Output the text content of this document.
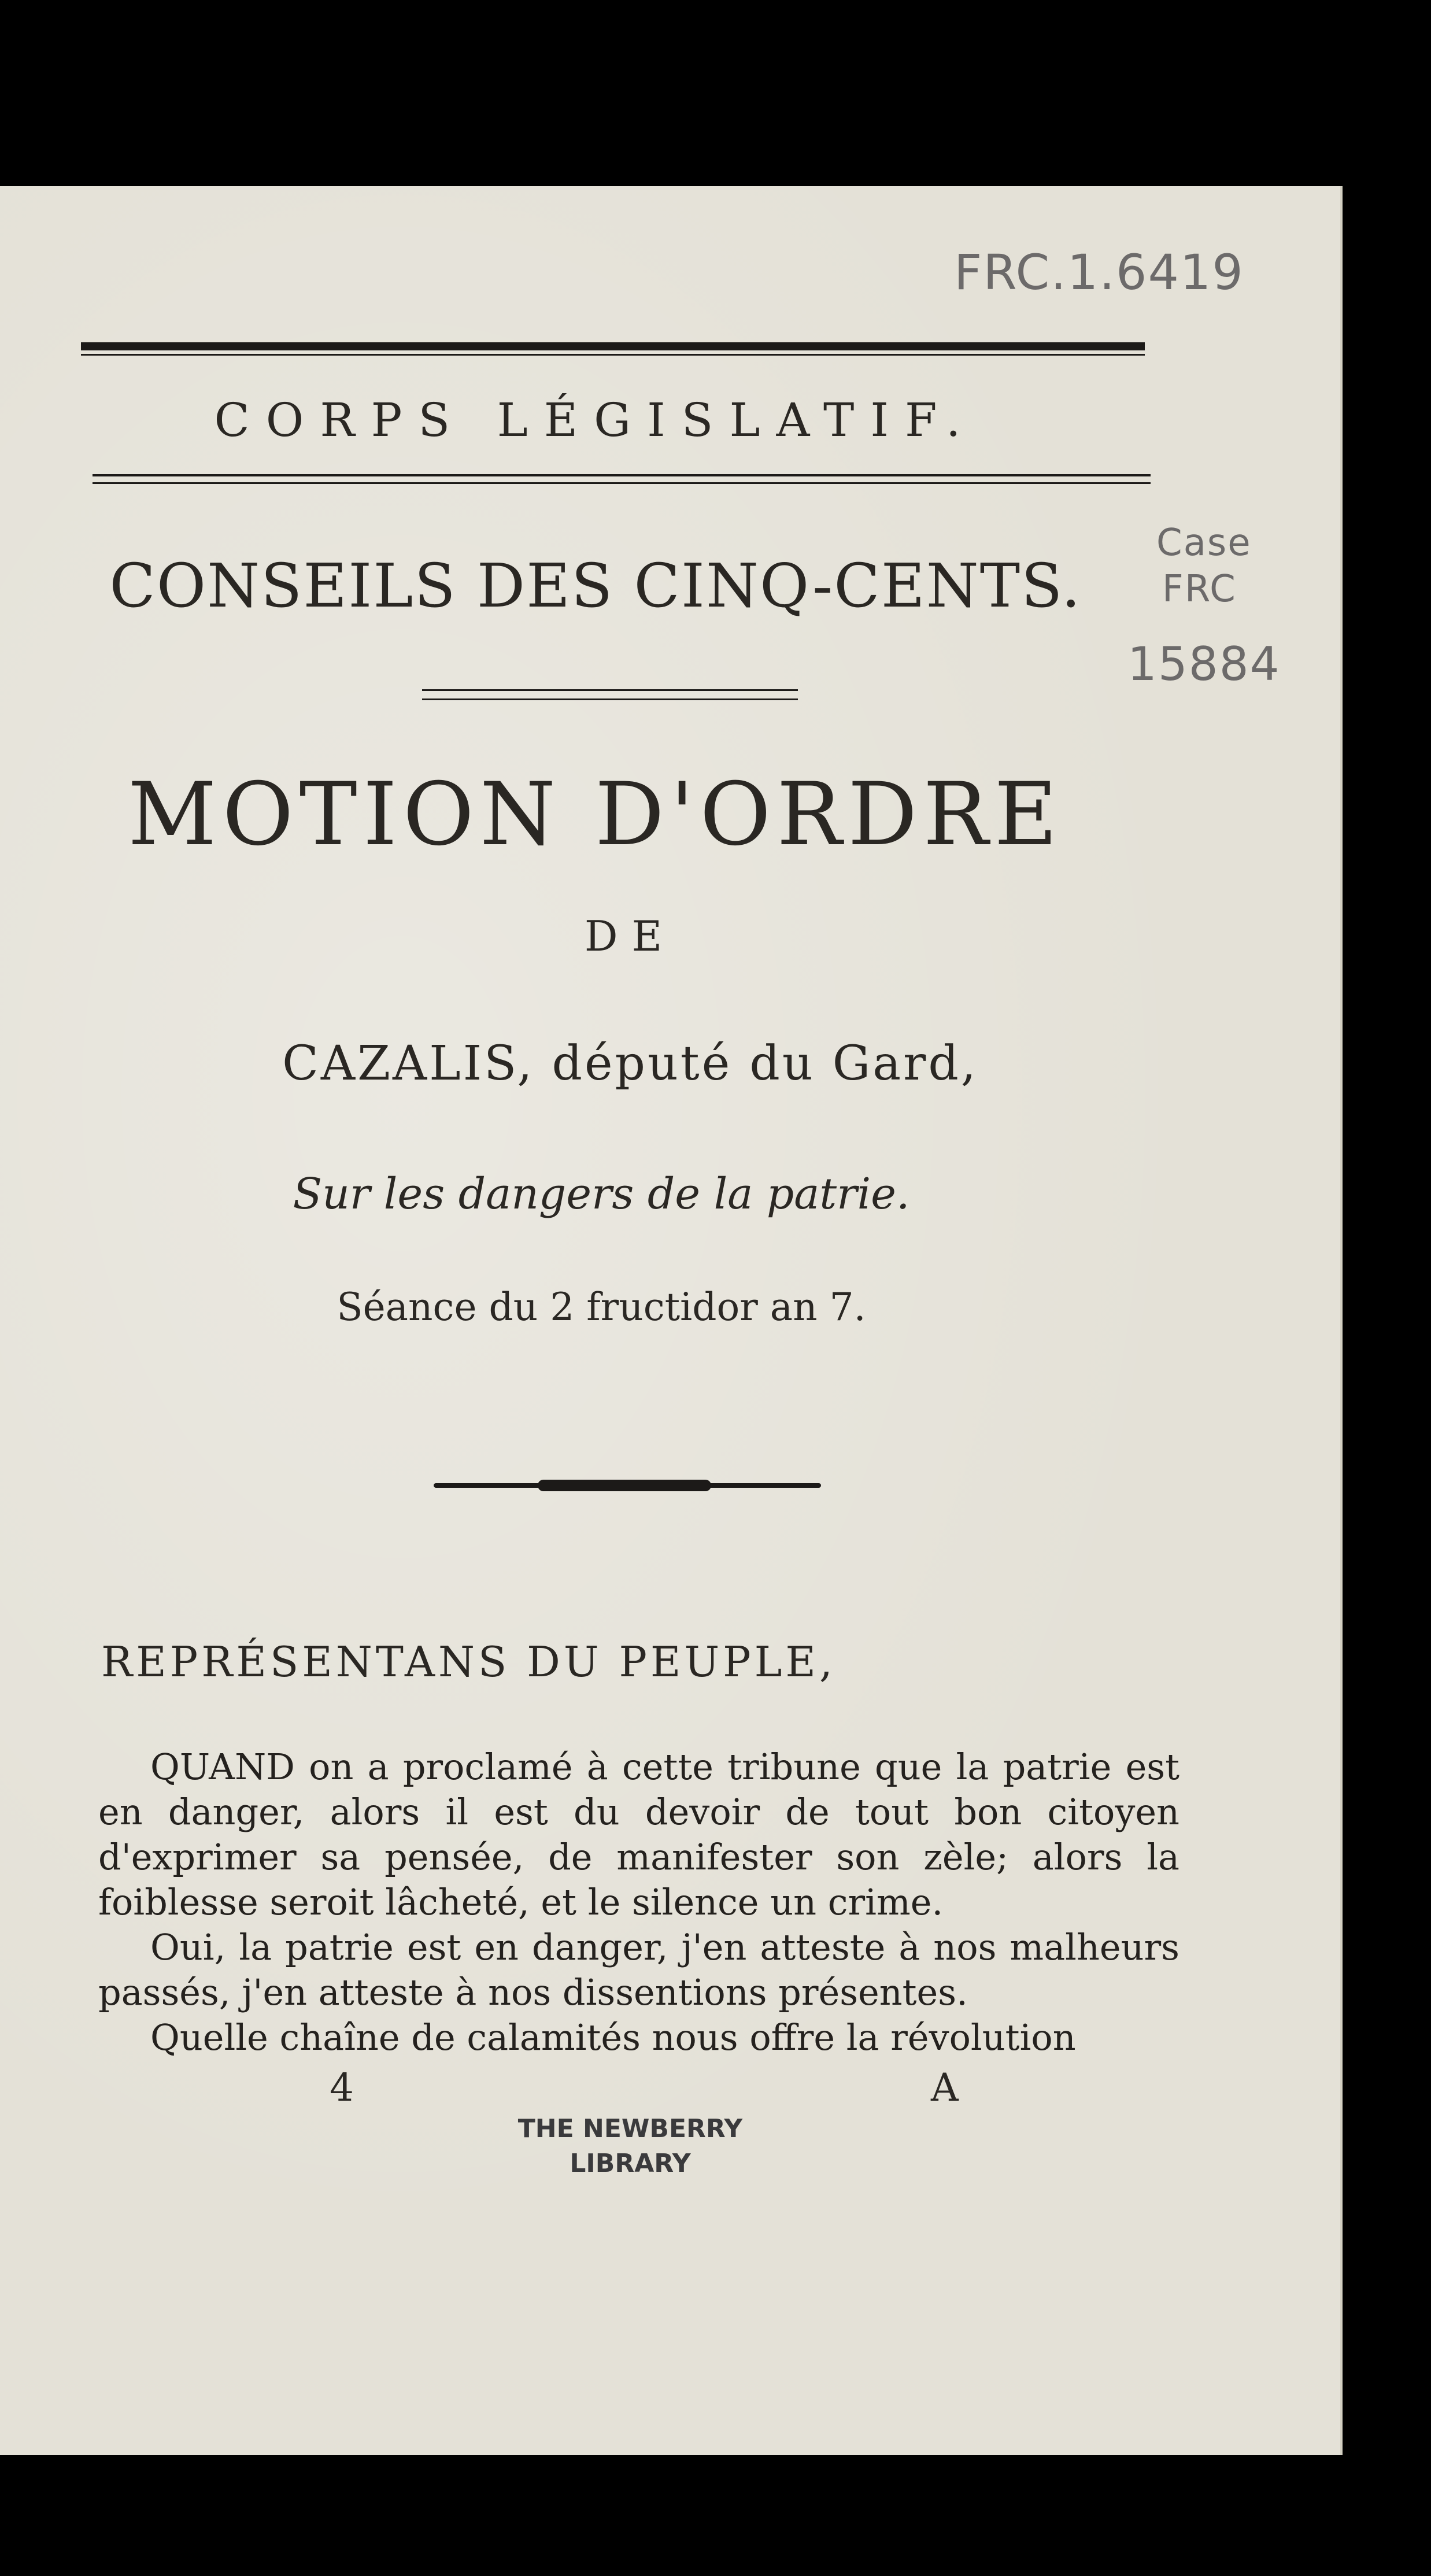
FRC.1.6419
Case
FRC
15884
CORPS LÉGISLATIF.
CONSEILS DES CINQ-CENTS.
MOTION D'ORDRE
DE
CAZALIS, député du Gard,
Sur les dangers de la patrie.
Séance du 2 fructidor an 7.
REPRÉSENTANS DU PEUPLE,

QUAND on a proclamé à cette tribune que la patrie est en danger, alors il est du devoir de tout bon citoyen d'exprimer sa pensée, de manifester son zèle; alors la foiblesse seroit lâcheté, et le silence un crime.

Oui, la patrie est en danger, j'en atteste à nos malheurs passés, j'en atteste à nos dissentions présentes.

Quelle chaîne de calamités nous offre la révolution

4	A
THE NEWBERRY
LIBRARY
